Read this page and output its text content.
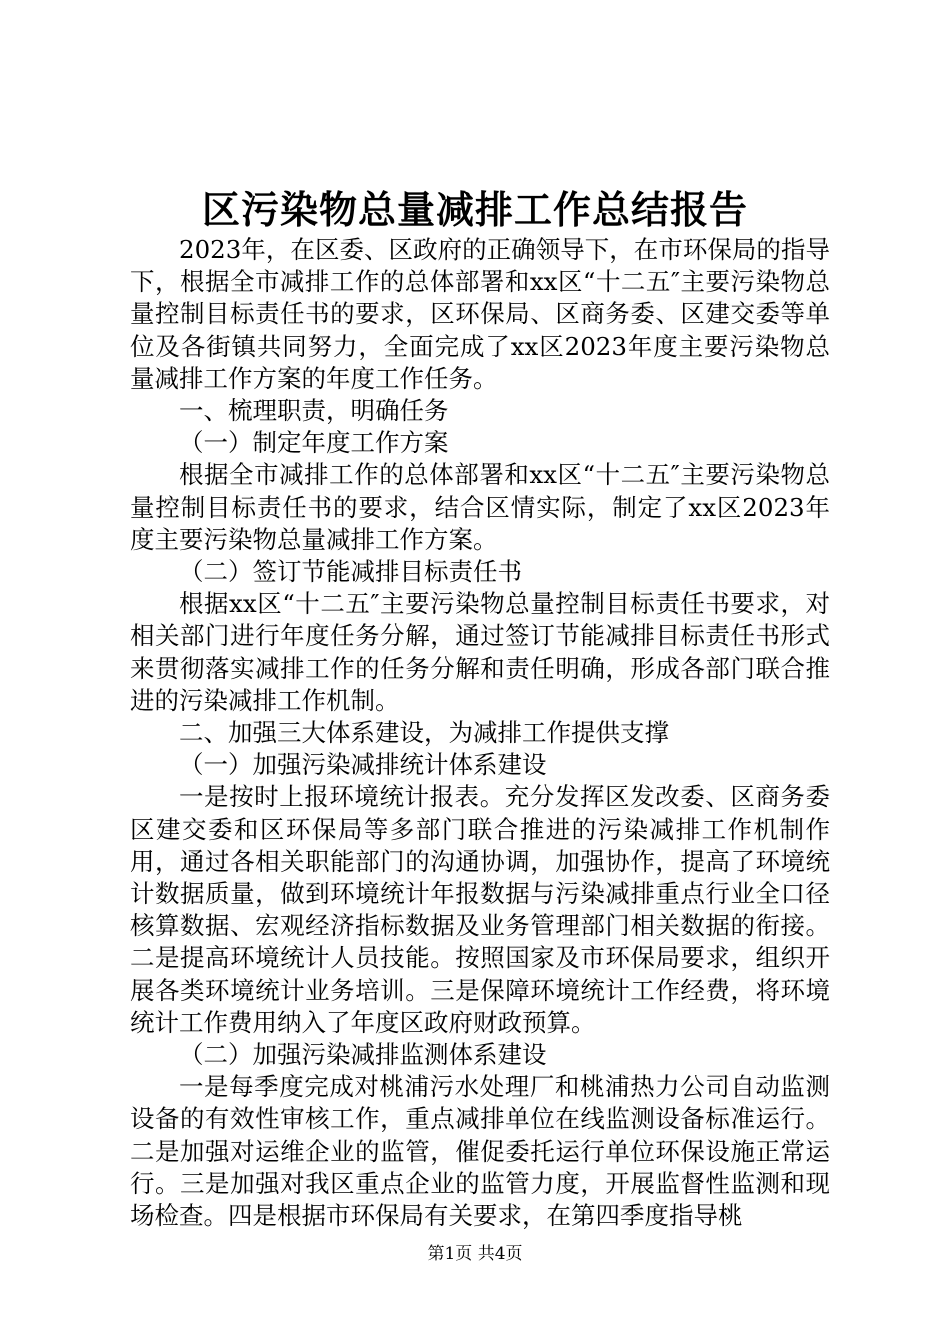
区污染物总量减排工作总结报告

2023年，在区委、区政府的正确领导下，在市环保局的指导下，根据全市减排工作的总体部署和xx区“十二五″主要污染物总量控制目标责任书的要求，区环保局、区商务委、区建交委等单位及各街镇共同努力，全面完成了xx区2023年度主要污染物总量减排工作方案的年度工作任务。

一、梳理职责，明确任务

（一）制定年度工作方案

根据全市减排工作的总体部署和xx区“十二五″主要污染物总量控制目标责任书的要求，结合区情实际，制定了xx区2023年度主要污染物总量减排工作方案。

（二）签订节能减排目标责任书

根据xx区“十二五″主要污染物总量控制目标责任书要求，对相关部门进行年度任务分解，通过签订节能减排目标责任书形式来贯彻落实减排工作的任务分解和责任明确，形成各部门联合推进的污染减排工作机制。

二、加强三大体系建设，为减排工作提供支撑

（一）加强污染减排统计体系建设

一是按时上报环境统计报表。充分发挥区发改委、区商务委区建交委和区环保局等多部门联合推进的污染减排工作机制作用，通过各相关职能部门的沟通协调，加强协作，提高了环境统计数据质量，做到环境统计年报数据与污染减排重点行业全口径核算数据、宏观经济指标数据及业务管理部门相关数据的衔接。二是提高环境统计人员技能。按照国家及市环保局要求，组织开展各类环境统计业务培训。三是保障环境统计工作经费，将环境统计工作费用纳入了年度区政府财政预算。

（二）加强污染减排监测体系建设

一是每季度完成对桃浦污水处理厂和桃浦热力公司自动监测设备的有效性审核工作，重点减排单位在线监测设备标准运行。二是加强对运维企业的监管，催促委托运行单位环保设施正常运行。三是加强对我区重点企业的监管力度，开展监督性监测和现场检查。四是根据市环保局有关要求，在第四季度指导桃

第1页 共4页
